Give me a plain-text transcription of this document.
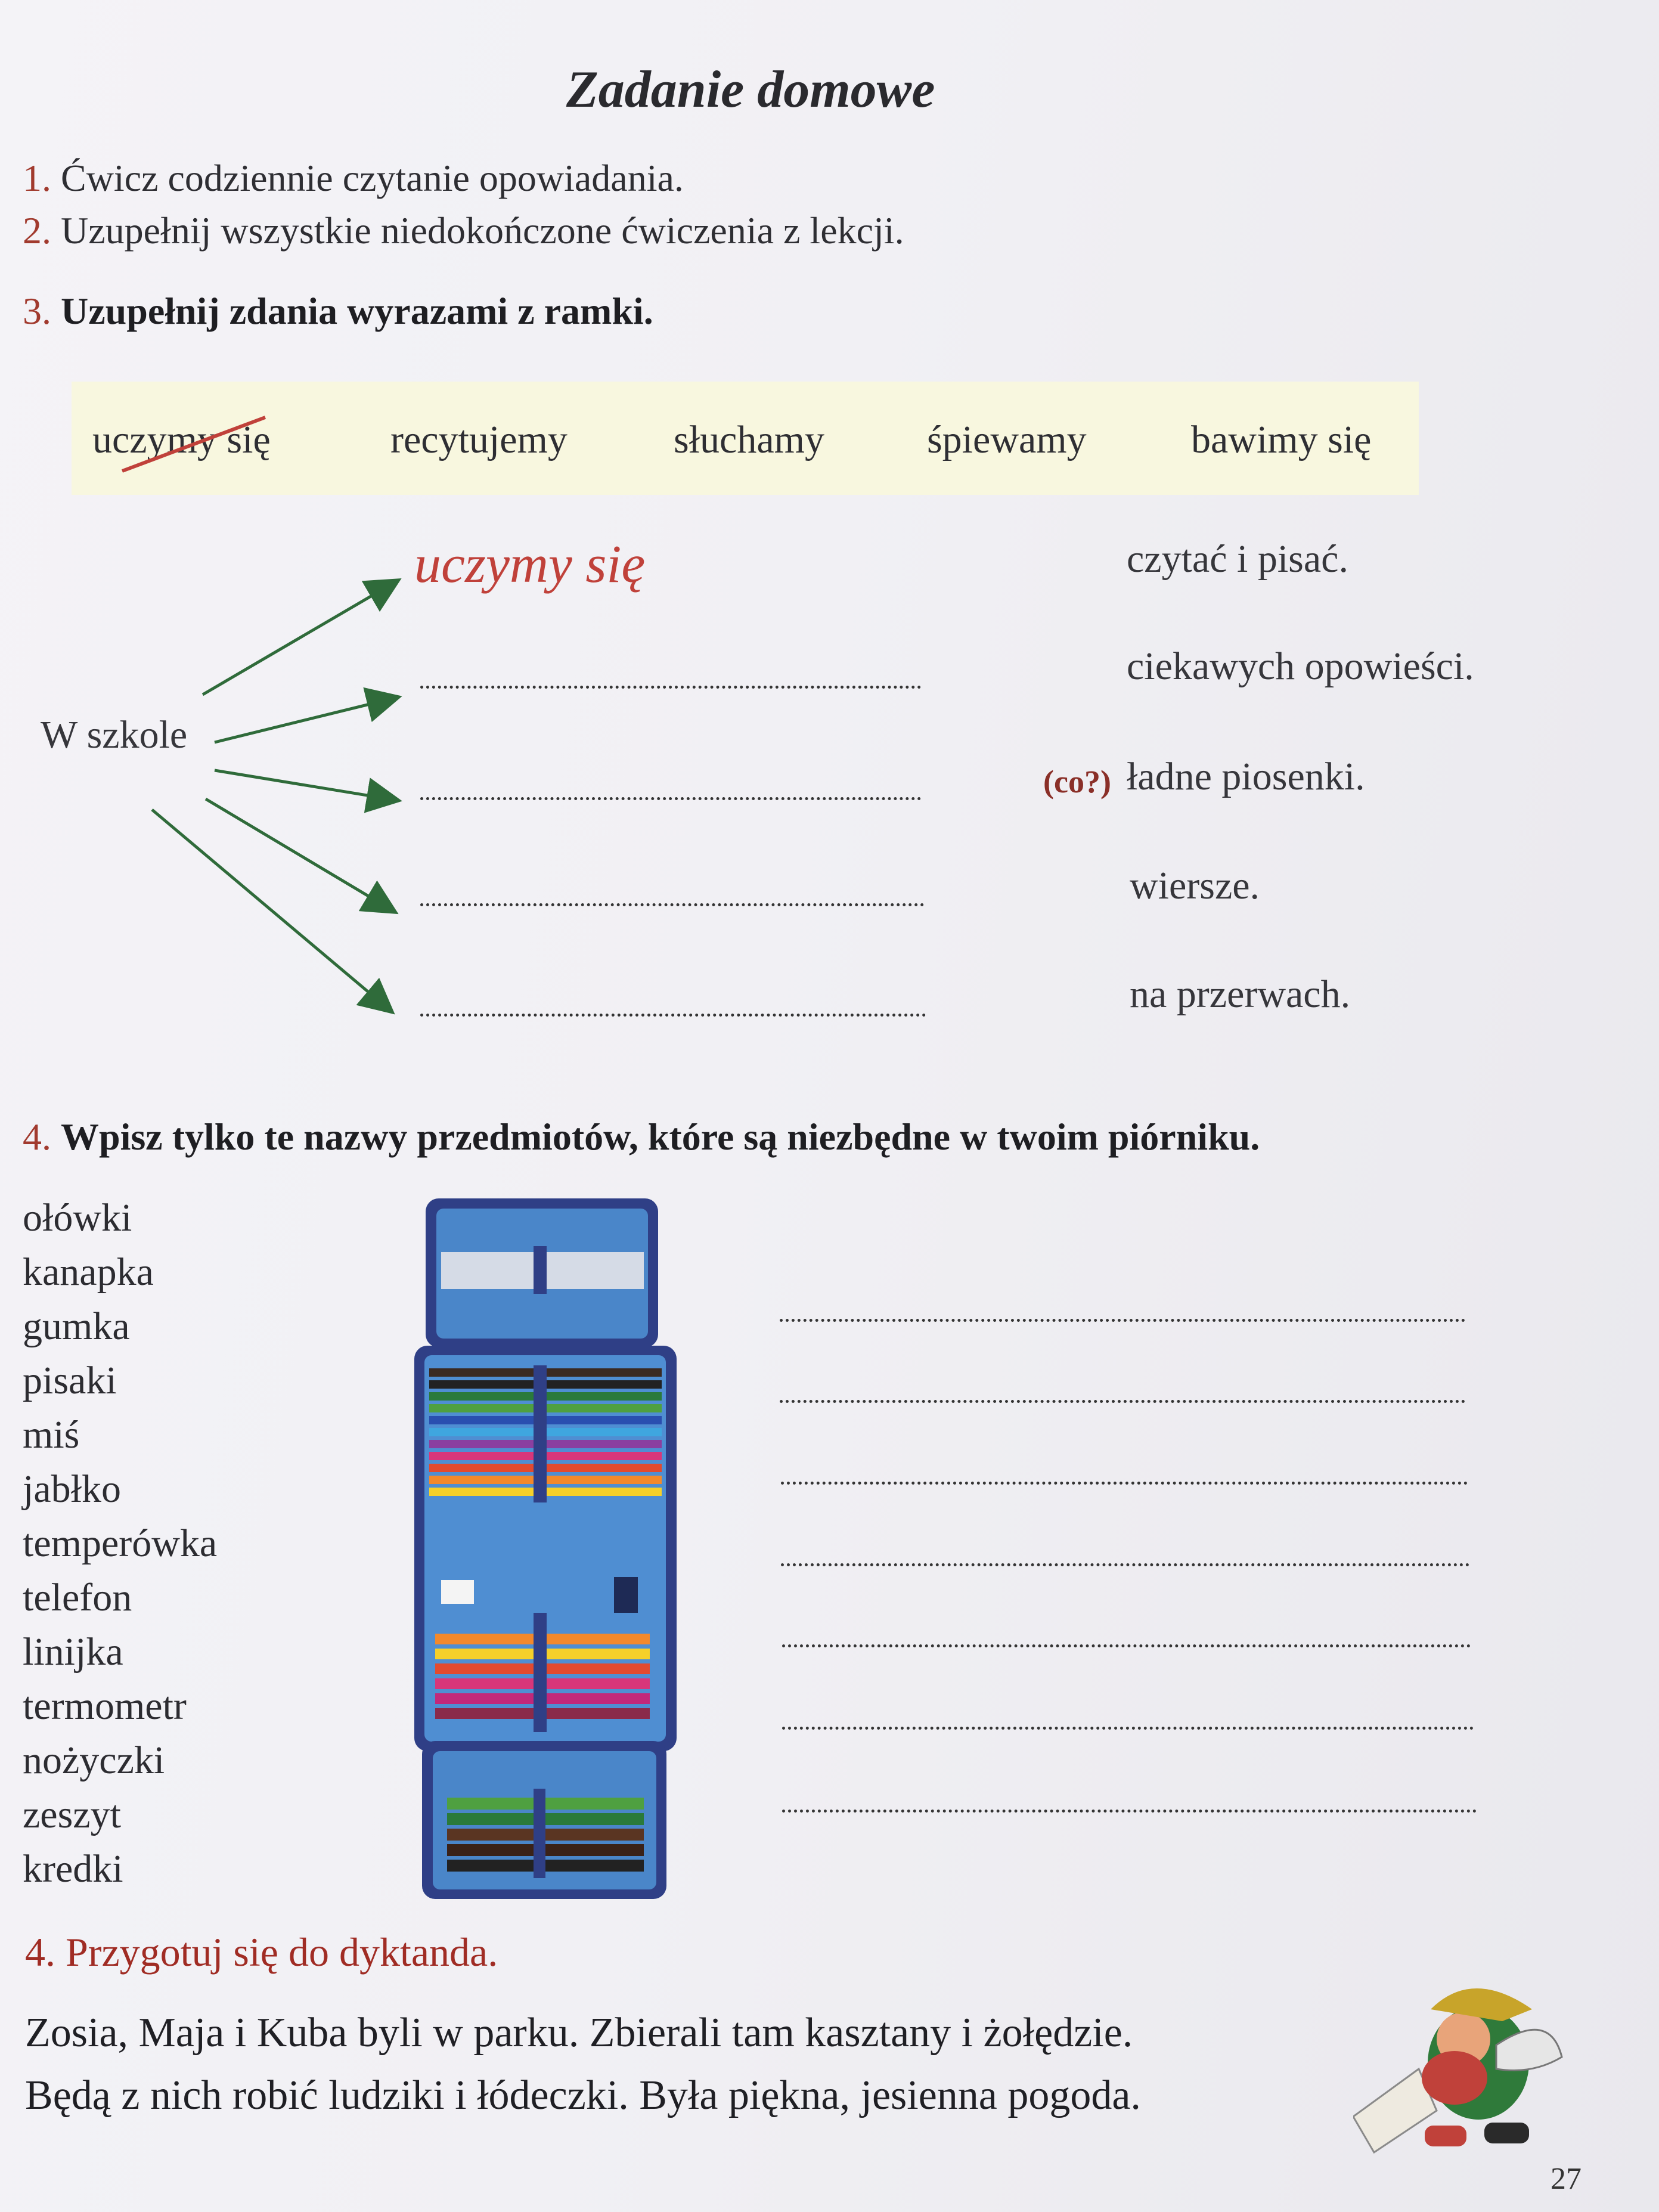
Zadanie domowe
1. Ćwicz codziennie czytanie opowiadania.
2. Uzupełnij wszystkie niedokończone ćwiczenia z lekcji.
3. Uzupełnij zdania wyrazami z ramki.
uczymy się	recytujemy	słuchamy	śpiewamy	bawimy się
W szkole
uczymy się	czytać i pisać.
ciekawych opowieści.
(co?) ładne piosenki.
wiersze.
na przerwach.
4. Wpisz tylko te nazwy przedmiotów, które są niezbędne w twoim piórniku.
ołówki
kanapka
gumka
pisaki
miś
jabłko
temperówka
telefon
linijka
termometr
nożyczki
zeszyt
kredki
4. Przygotuj się do dyktanda.
Zosia, Maja i Kuba byli w parku. Zbierali tam kasztany i żołędzie.
Będą z nich robić ludziki i łódeczki. Była piękna, jesienna pogoda.
27
